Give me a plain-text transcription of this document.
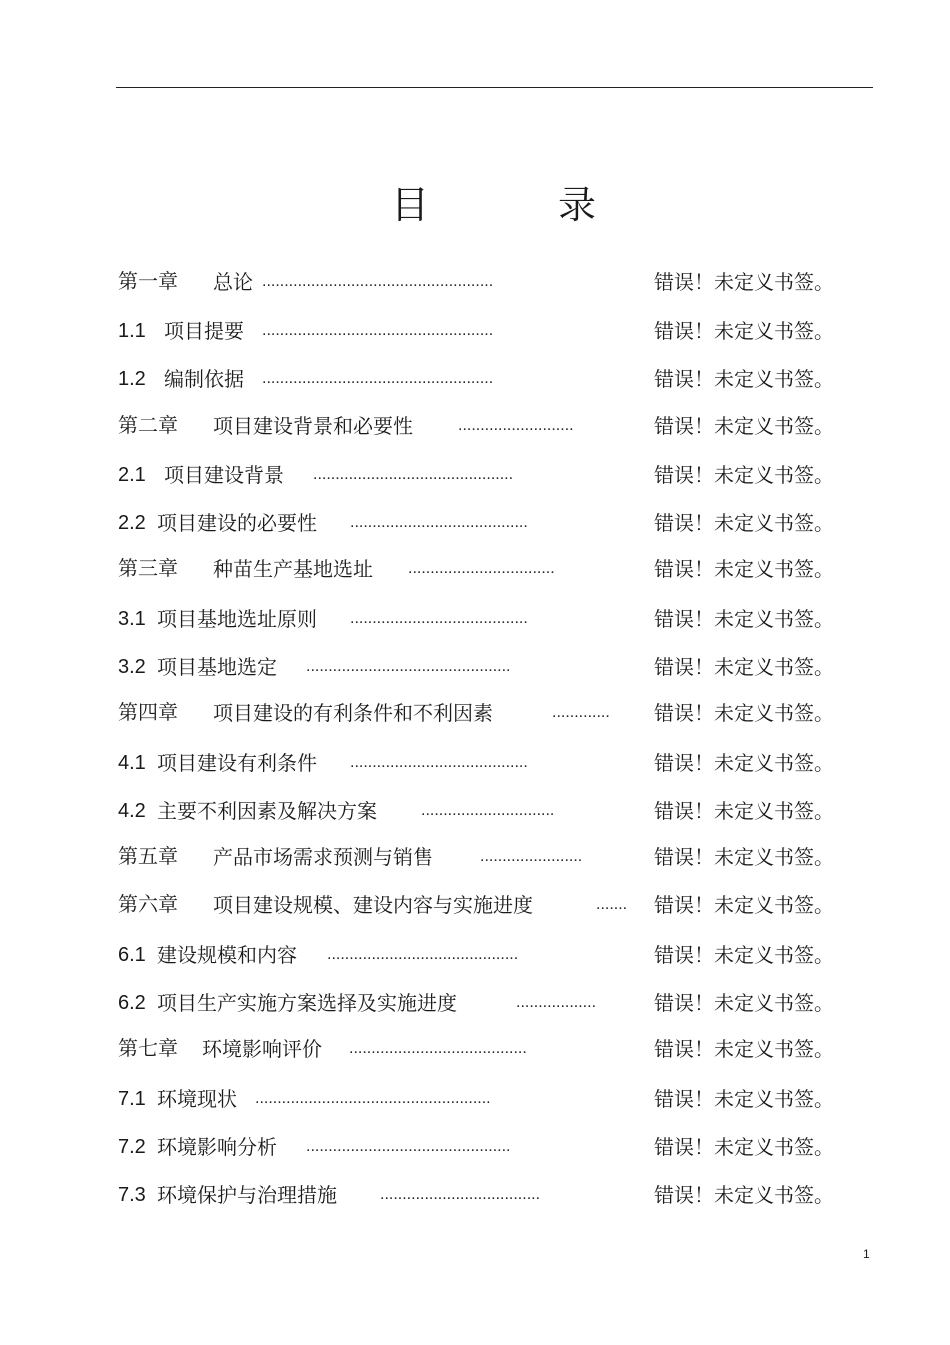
目	录
第一章 总论 ....................................................	错误！未定义书签。
1.1 项目提要 ....................................................	错误！未定义书签。
1.2 编制依据 ....................................................	错误！未定义书签。
第二章 项目建设背景和必要性	..........................	错误！未定义书签。
2.1 项目建设背景 .............................................	错误！未定义书签。
2.2 项目建设的必要性 ........................................	错误！未定义书签。
第三章 种苗生产基地选址 .................................	错误！未定义书签。
3.1 项目基地选址原则 ........................................	错误！未定义书签。
3.2 项目基地选定 ..............................................	错误！未定义书签。
第四章 项目建设的有利条件和不利因素	.............	错误！未定义书签。
4.1 项目建设有利条件 ........................................	错误！未定义书签。
4.2 主要不利因素及解决方案	..............................	错误！未定义书签。
第五章 产品市场需求预测与销售	.......................	错误！未定义书签。
第六章 项目建设规模、建设内容与实施进度	.......	错误！未定义书签。
6.1 建设规模和内容 ...........................................	错误！未定义书签。
6.2 项目生产实施方案选择及实施进度	..................	错误！未定义书签。
第七章 环境影响评价 ........................................	错误！未定义书签。
7.1 环境现状 .....................................................	错误！未定义书签。
7.2 环境影响分析 ..............................................	错误！未定义书签。
7.3 环境保护与治理措施	....................................	错误！未定义书签。
1
